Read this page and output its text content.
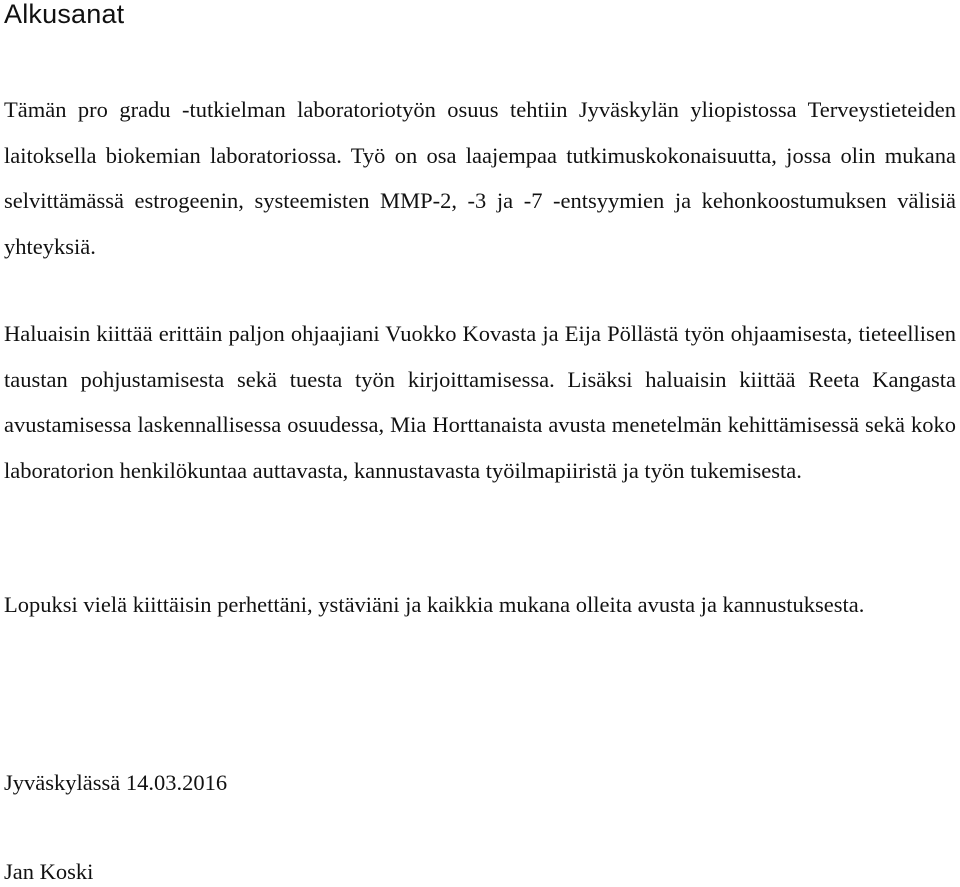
Alkusanat

Tämän pro gradu -tutkielman laboratoriotyön osuus tehtiin Jyväskylän yliopistossa Terveystieteiden laitoksella biokemian laboratoriossa. Työ on osa laajempaa tutkimuskokonaisuutta, jossa olin mukana selvittämässä estrogeenin, systeemisten MMP-2, -3 ja -7 -entsyymien ja kehonkoostumuksen välisiä yhteyksiä.

Haluaisin kiittää erittäin paljon ohjaajiani Vuokko Kovasta ja Eija Pöllästä työn ohjaamisesta, tieteellisen taustan pohjustamisesta sekä tuesta työn kirjoittamisessa. Lisäksi haluaisin kiittää Reeta Kangasta avustamisessa laskennallisessa osuudessa, Mia Horttanaista avusta menetelmän kehittämisessä sekä koko laboratorion henkilökuntaa auttavasta, kannustavasta työilmapiiristä ja työn tukemisesta.

Lopuksi vielä kiittäisin perhettäni, ystäviäni ja kaikkia mukana olleita avusta ja kannustuksesta.

Jyväskylässä 14.03.2016

Jan Koski
